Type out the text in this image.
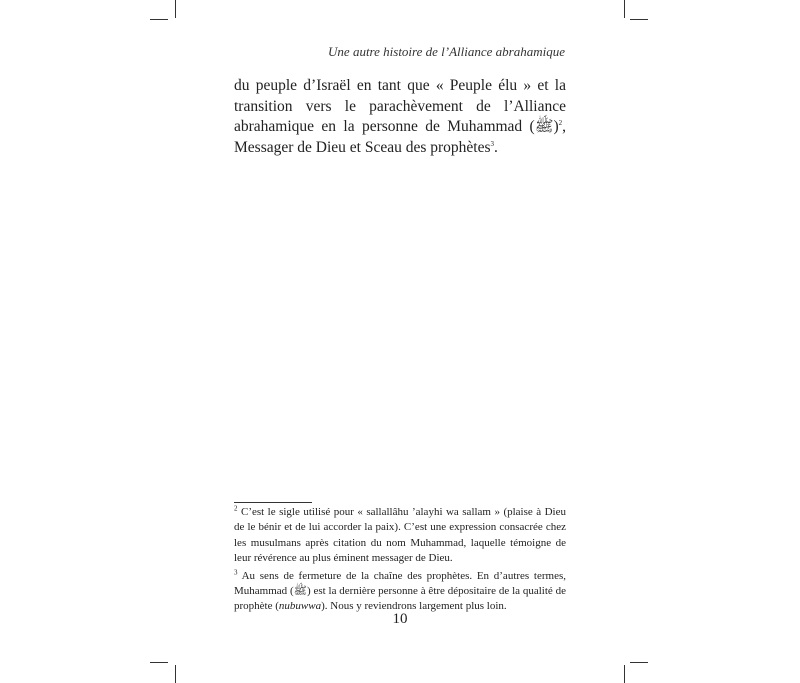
Une autre histoire de l’Alliance abrahamique

du peuple d’Israël en tant que « Peuple élu » et la transition vers le parachèvement de l’Alliance abrahamique en la personne de Muhammad (ﷺ)$^2$, Messager de Dieu et Sceau des prophètes$^3$.

$^2$ C’est le sigle utilisé pour « sallallâhu ’alayhi wa sallam » (plaise à Dieu de le bénir et de lui accorder la paix). C’est une expression consacrée chez les musulmans après citation du nom Muhammad, laquelle témoigne de leur révérence au plus éminent messager de Dieu.

$^3$ Au sens de fermeture de la chaîne des prophètes. En d’autres termes, Muhammad (ﷺ) est la dernière personne à être dépositaire de la qualité de prophète (nubuwwa). Nous y reviendrons largement plus loin.

10
